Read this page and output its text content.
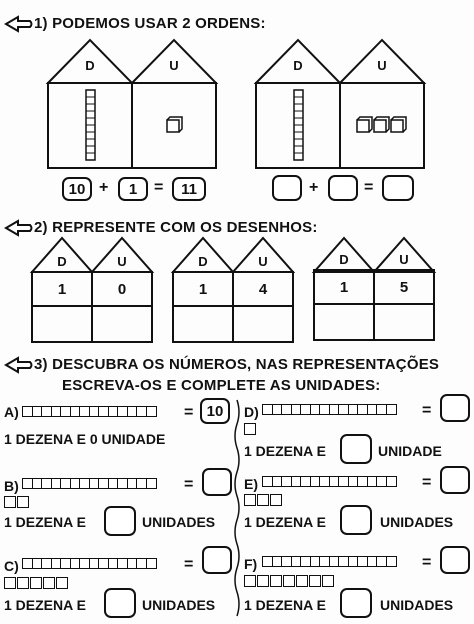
1) PODEMOS USAR 2 ORDENS:
D	U	D	U
10 +	1	=	11	+	=
2) REPRESENTE COM OS DESENHOS:
D	U	D	U	D	U
1	0	1	4	1	5
3) DESCUBRA OS NÚMEROS, NAS REPRESENTAÇÕES
ESCREVA-OS E COMPLETE AS UNIDADES:
A)	= 10
1 DEZENA E 0 UNIDADE
B)	=
1 DEZENA E	UNIDADES
C)	=
1 DEZENA E	UNIDADES
D)	=
1 DEZENA E	UNIDADE
E)	=
1 DEZENA E	UNIDADES
F)	=
1 DEZENA E	UNIDADES
